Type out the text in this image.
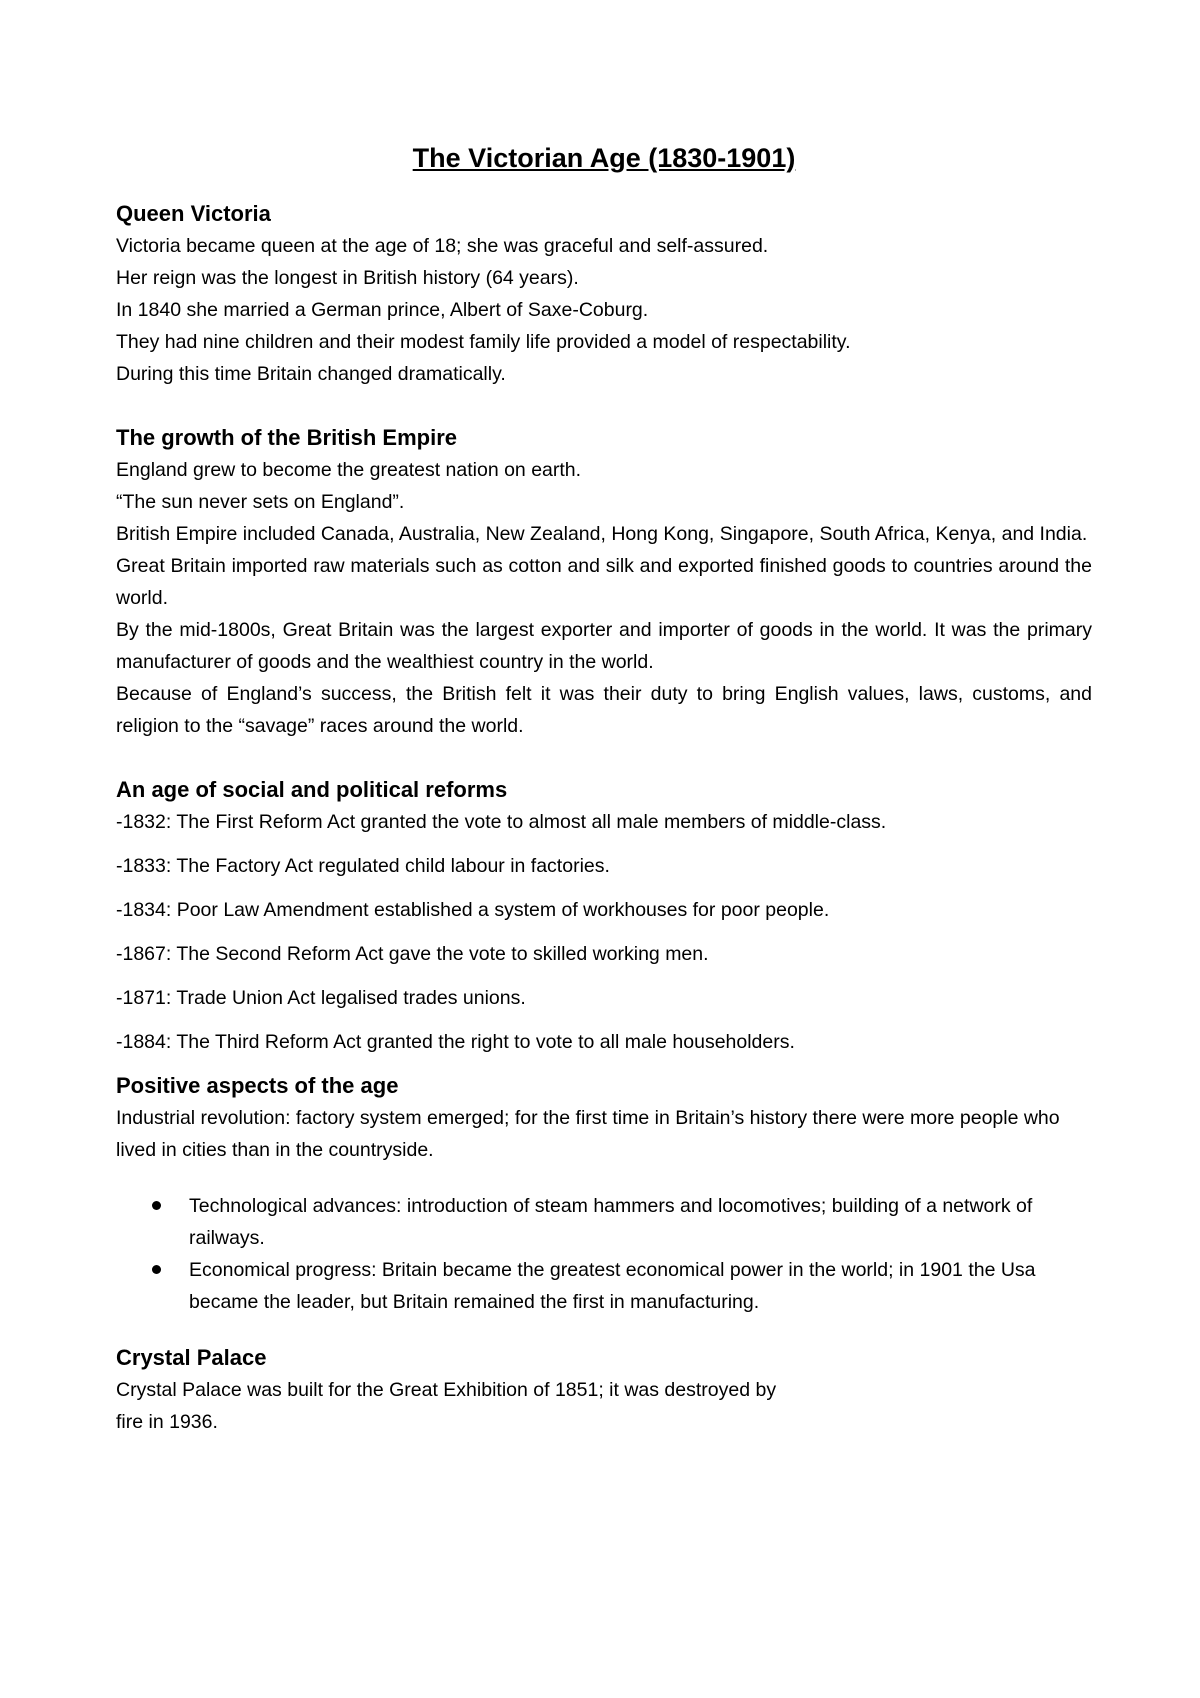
The Victorian Age (1830-1901)
Queen Victoria

Victoria became queen at the age of 18; she was graceful and self-assured.

Her reign was the longest in British history (64 years).

In 1840 she married a German prince, Albert of Saxe-Coburg.

They had nine children and their modest family life provided a model of respectability.

During this time Britain changed dramatically.

The growth of the British Empire

England grew to become the greatest nation on earth.

“The sun never sets on England”.

British Empire included Canada, Australia, New Zealand, Hong Kong, Singapore, South Africa, Kenya, and India.

Great Britain imported raw materials such as cotton and silk and exported finished goods to countries around the world.

By the mid-1800s, Great Britain was the largest exporter and importer of goods in the world. It was the primary manufacturer of goods and the wealthiest country in the world.

Because of England’s success, the British felt it was their duty to bring English values, laws, customs, and religion to the “savage” races around the world.

An age of social and political reforms
-1832: The First Reform Act granted the vote to almost all male members of middle-class.
-1833: The Factory Act regulated child labour in factories.
-1834: Poor Law Amendment established a system of workhouses for poor people.
-1867: The Second Reform Act gave the vote to skilled working men.
-1871: Trade Union Act legalised trades unions.
-1884: The Third Reform Act granted the right to vote to all male householders.
Positive aspects of the age

Industrial revolution: factory system emerged; for the first time in Britain’s history there were more people who lived in cities than in the countryside.

Technological advances: introduction of steam hammers and locomotives; building of a network of railways.
Economical progress: Britain became the greatest economical power in the world; in 1901 the Usa became the leader, but Britain remained the first in manufacturing.
Crystal Palace

Crystal Palace was built for the Great Exhibition of 1851; it was destroyed by

fire in 1936.
